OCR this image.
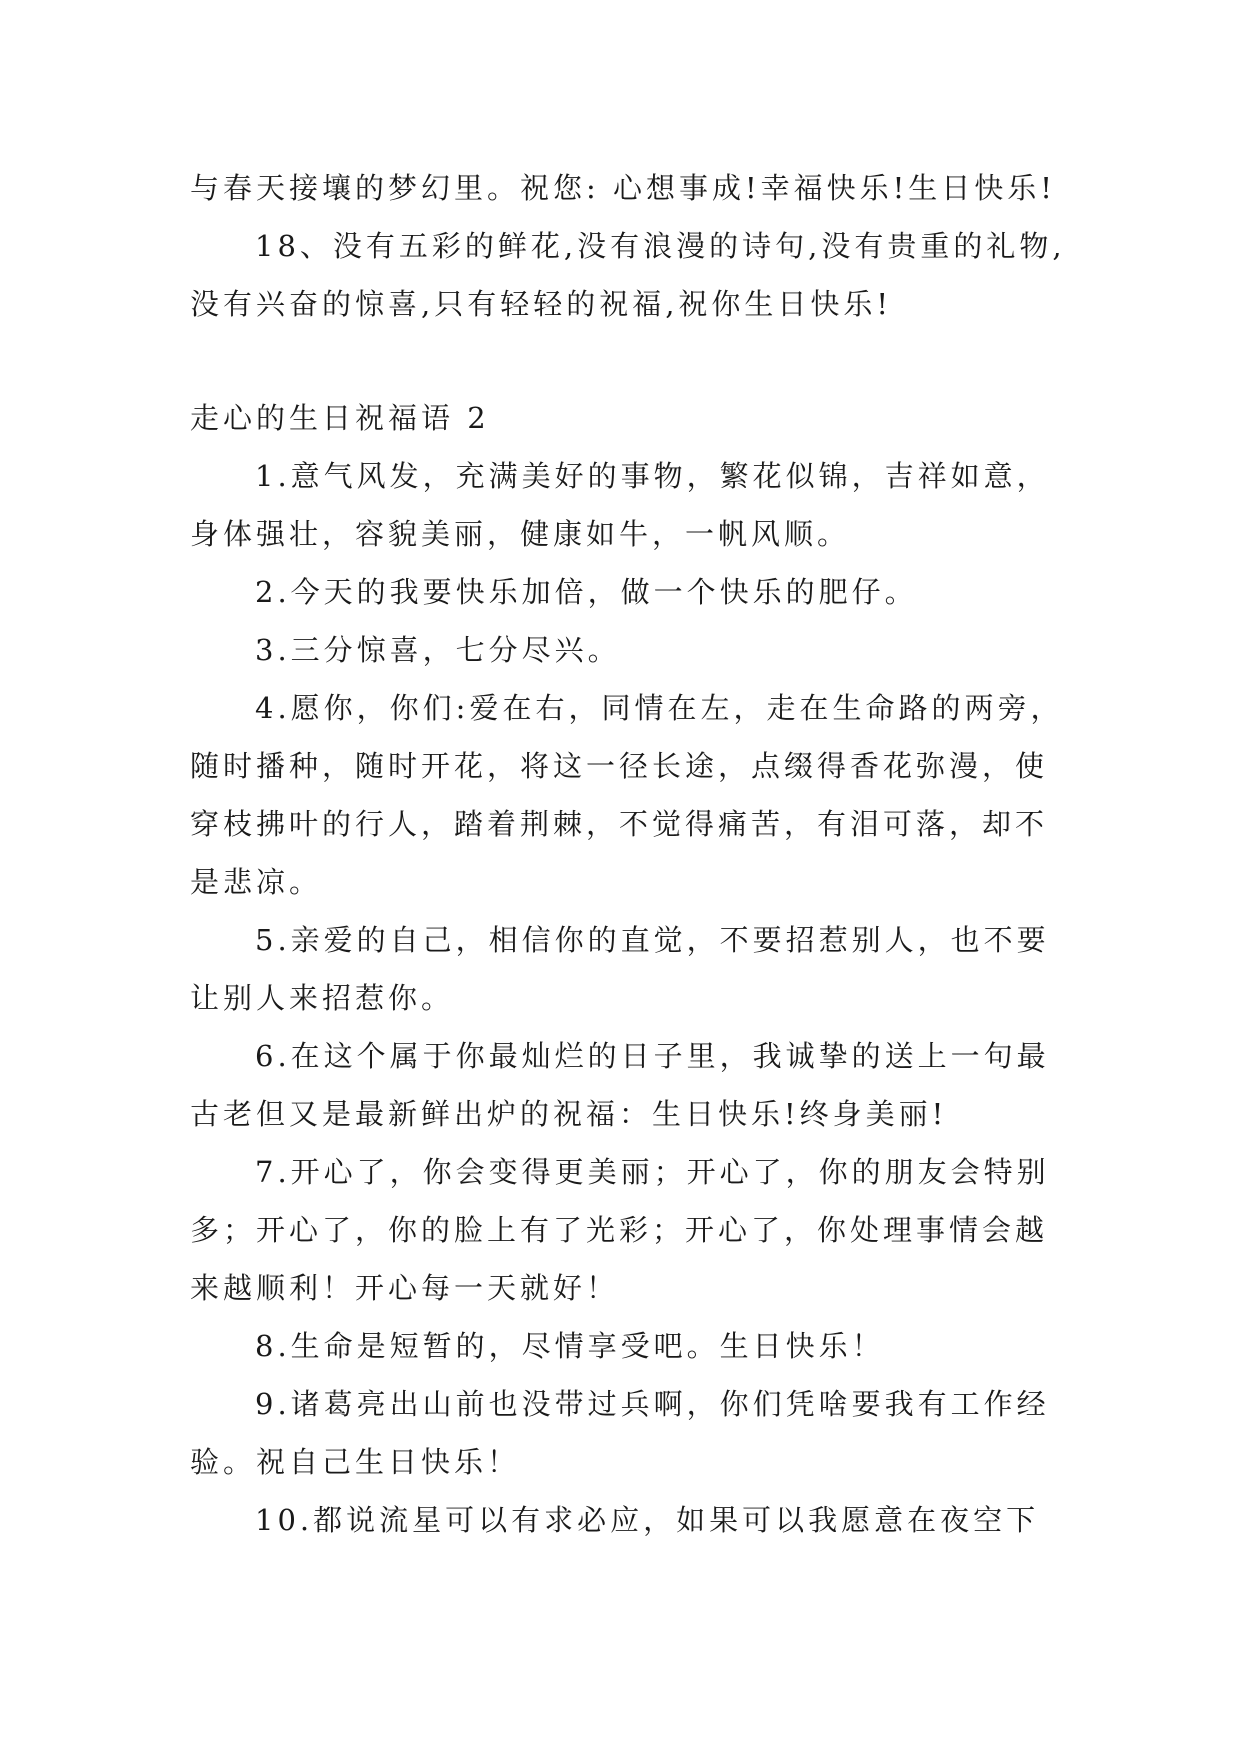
与春天接壤的梦幻里。祝您: 心想事成!幸福快乐!生日快乐!

18、没有五彩的鲜花,没有浪漫的诗句,没有贵重的礼物,

没有兴奋的惊喜,只有轻轻的祝福,祝你生日快乐!

走心的生日祝福语 2

1.意气风发，充满美好的事物，繁花似锦，吉祥如意，

身体强壮，容貌美丽，健康如牛，一帆风顺。

2.今天的我要快乐加倍，做一个快乐的肥仔。

3.三分惊喜，七分尽兴。

4.愿你，你们:爱在右，同情在左，走在生命路的两旁，

随时播种，随时开花，将这一径长途，点缀得香花弥漫，使

穿枝拂叶的行人，踏着荆棘，不觉得痛苦，有泪可落，却不

是悲凉。

5.亲爱的自己，相信你的直觉，不要招惹别人，也不要

让别人来招惹你。

6.在这个属于你最灿烂的日子里，我诚挚的送上一句最

古老但又是最新鲜出炉的祝福：生日快乐!终身美丽!

7.开心了，你会变得更美丽；开心了，你的朋友会特别

多；开心了，你的脸上有了光彩；开心了，你处理事情会越

来越顺利！开心每一天就好！

8.生命是短暂的，尽情享受吧。生日快乐！

9.诸葛亮出山前也没带过兵啊，你们凭啥要我有工作经

验。祝自己生日快乐！

10.都说流星可以有求必应，如果可以我愿意在夜空下
